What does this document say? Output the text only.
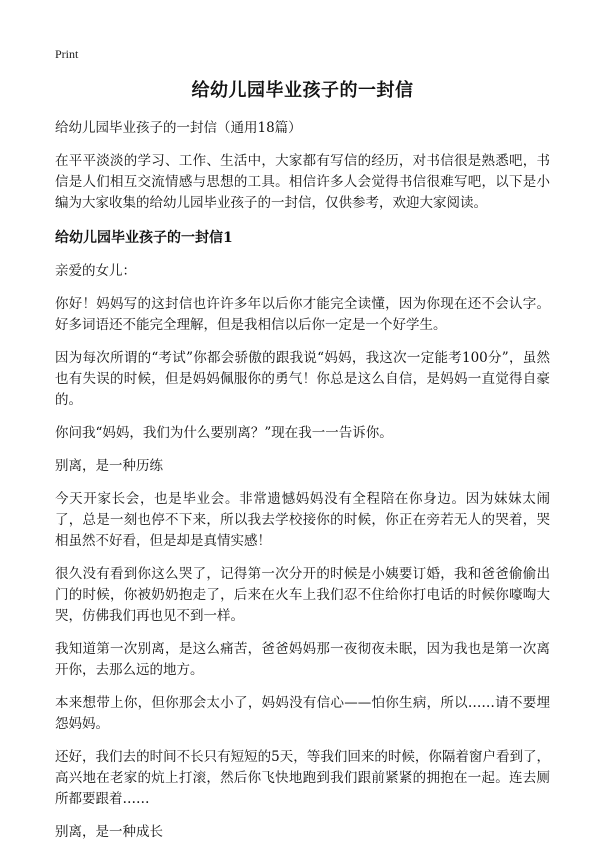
Print
给幼儿园毕业孩子的一封信
给幼儿园毕业孩子的一封信（通用18篇）

在平平淡淡的学习、工作、生活中，大家都有写信的经历，对书信很是熟悉吧，书信是人们相互交流情感与思想的工具。相信许多人会觉得书信很难写吧，以下是小编为大家收集的给幼儿园毕业孩子的一封信，仅供参考，欢迎大家阅读。

给幼儿园毕业孩子的一封信1

亲爱的女儿：

你好！妈妈写的这封信也许许多年以后你才能完全读懂，因为你现在还不会认字。好多词语还不能完全理解，但是我相信以后你一定是一个好学生。

因为每次所谓的“考试”你都会骄傲的跟我说“妈妈，我这次一定能考100分”，虽然也有失误的时候，但是妈妈佩服你的勇气！你总是这么自信，是妈妈一直觉得自豪的。

你问我“妈妈，我们为什么要别离？”现在我一一告诉你。

别离，是一种历练

今天开家长会，也是毕业会。非常遗憾妈妈没有全程陪在你身边。因为妹妹太闹了，总是一刻也停不下来，所以我去学校接你的时候，你正在旁若无人的哭着，哭相虽然不好看，但是却是真情实感！

很久没有看到你这么哭了，记得第一次分开的时候是小姨要订婚，我和爸爸偷偷出门的时候，你被奶奶抱走了，后来在火车上我们忍不住给你打电话的时候你嚎啕大哭，仿佛我们再也见不到一样。

我知道第一次别离，是这么痛苦，爸爸妈妈那一夜彻夜未眠，因为我也是第一次离开你，去那么远的地方。

本来想带上你，但你那会太小了，妈妈没有信心——怕你生病，所以……请不要埋怨妈妈。

还好，我们去的时间不长只有短短的5天，等我们回来的时候，你隔着窗户看到了，高兴地在老家的炕上打滚，然后你飞快地跑到我们跟前紧紧的拥抱在一起。连去厕所都要跟着……

别离，是一种成长
